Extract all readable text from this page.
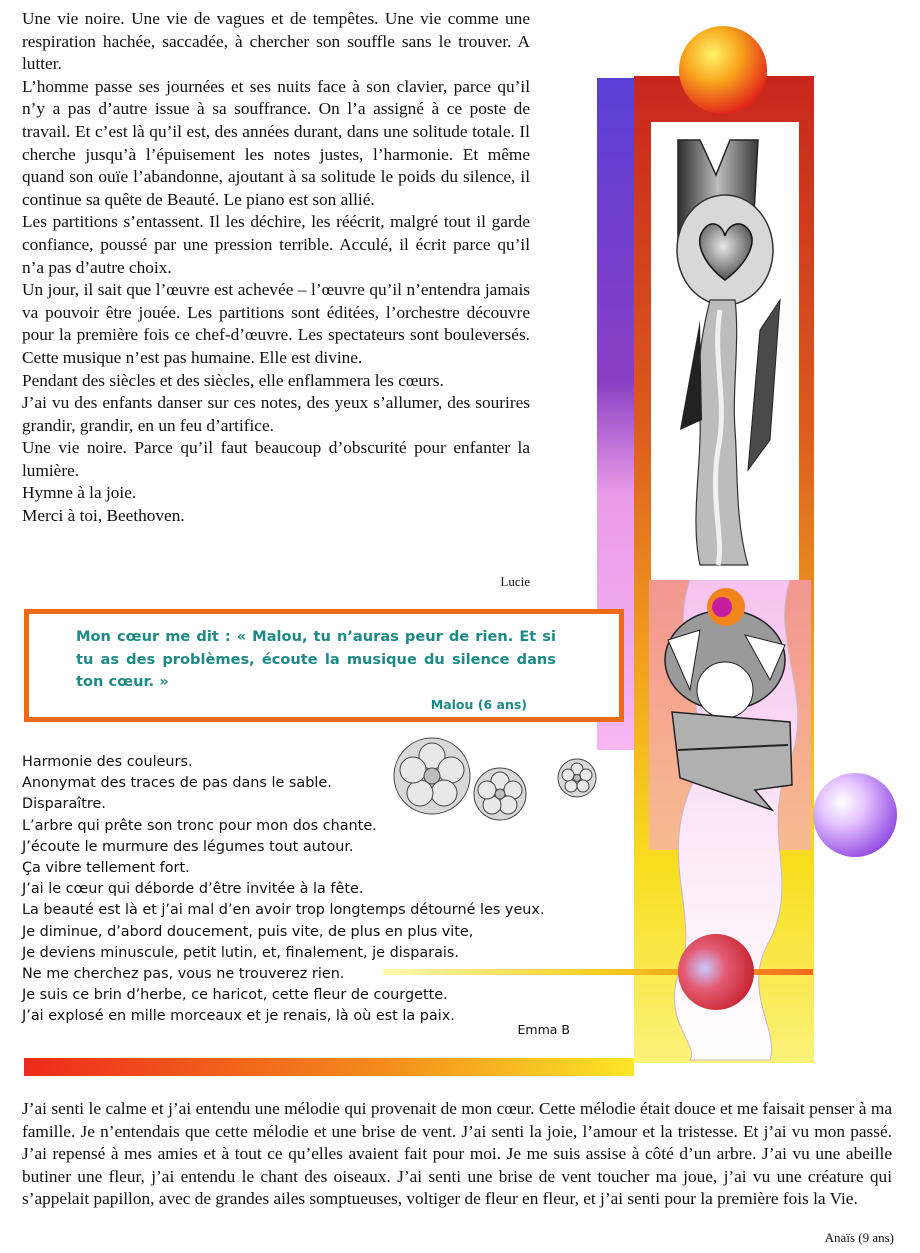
Une vie noire. Une vie de vagues et de tempêtes. Une vie comme une respiration hachée, saccadée, à chercher son souffle sans le trouver. A lutter.

L’homme passe ses journées et ses nuits face à son clavier, parce qu’il n’y a pas d’autre issue à sa souffrance. On l’a assigné à ce poste de travail. Et c’est là qu’il est, des années durant, dans une solitude totale. Il cherche jusqu’à l’épuisement les notes justes, l’harmonie. Et même quand son ouïe l’abandonne, ajoutant à sa solitude le poids du silence, il continue sa quête de Beauté. Le piano est son allié.

Les partitions s’entassent. Il les déchire, les réécrit, malgré tout il garde confiance, poussé par une pression terrible. Acculé, il écrit parce qu’il n’a pas d’autre choix.

Un jour, il sait que l’œuvre est achevée – l’œuvre qu’il n’entendra jamais va pouvoir être jouée. Les partitions sont éditées, l’orchestre découvre pour la première fois ce chef-d’œuvre. Les spectateurs sont bouleversés. Cette musique n’est pas humaine. Elle est divine.

Pendant des siècles et des siècles, elle enflammera les cœurs.

J’ai vu des enfants danser sur ces notes, des yeux s’allumer, des sourires grandir, grandir, en un feu d’artifice.

Une vie noire. Parce qu’il faut beaucoup d’obscurité pour enfanter la lumière.

Hymne à la joie.

Merci à toi, Beethoven.

Lucie
Mon cœur me dit : « Malou, tu n’auras peur de rien. Et si tu as des problèmes, écoute la musique du silence dans ton cœur. »
Malou (6 ans)
Harmonie des couleurs.
Anonymat des traces de pas dans le sable.
Disparaître.
L’arbre qui prête son tronc pour mon dos chante.
J’écoute le murmure des légumes tout autour.
Ça vibre tellement fort.
J’ai le cœur qui déborde d’être invitée à la fête.
La beauté est là et j’ai mal d’en avoir trop longtemps détourné les yeux.
Je diminue, d’abord doucement, puis vite, de plus en plus vite,
Je deviens minuscule, petit lutin, et, finalement, je disparais.
Ne me cherchez pas, vous ne trouverez rien.
Je suis ce brin d’herbe, ce haricot, cette fleur de courgette.
J’ai explosé en mille morceaux et je renais, là où est la paix.
Emma B
J’ai senti le calme et j’ai entendu une mélodie qui provenait de mon cœur. Cette mélodie était douce et me faisait penser à ma famille. Je n’entendais que cette mélodie et une brise de vent. J’ai senti la joie, l’amour et la tristesse. Et j’ai vu mon passé. J’ai repensé à mes amies et à tout ce qu’elles avaient fait pour moi. Je me suis assise à côté d’un arbre. J’ai vu une abeille butiner une fleur, j’ai entendu le chant des oiseaux. J’ai senti une brise de vent toucher ma joue, j’ai vu une créature qui s’appelait papillon, avec de grandes ailes somptueuses, voltiger de fleur en fleur, et j’ai senti pour la première fois la Vie.
Anaïs (9 ans)
